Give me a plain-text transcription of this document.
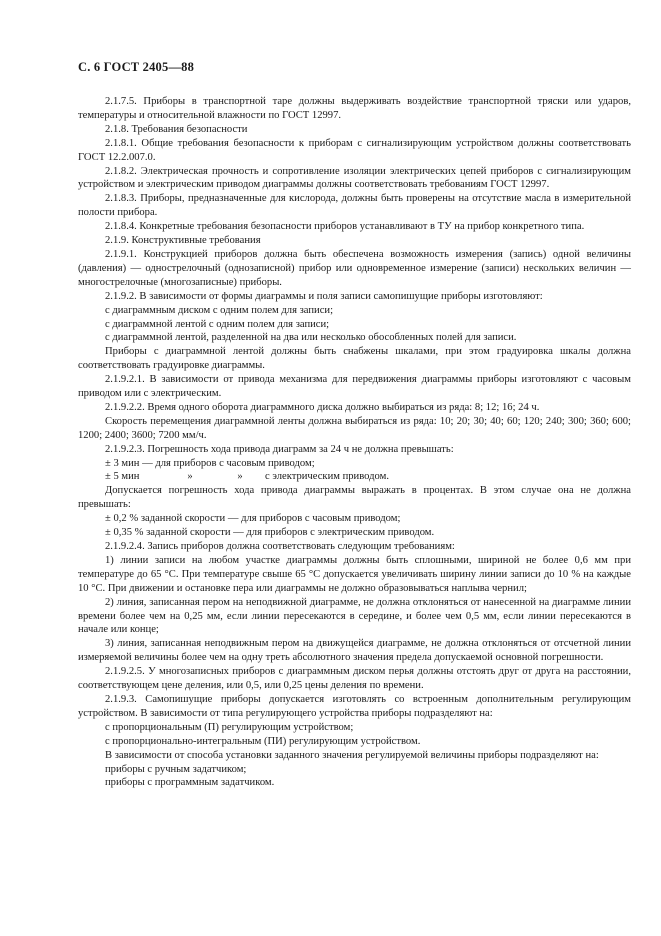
С. 6 ГОСТ 2405—88

2.1.7.5. Приборы в транспортной таре должны выдерживать воздействие транспортной тряски или ударов, температуры и относительной влажности по ГОСТ 12997.

2.1.8. Требования безопасности

2.1.8.1. Общие требования безопасности к приборам с сигнализирующим устройством должны соответствовать ГОСТ 12.2.007.0.

2.1.8.2. Электрическая прочность и сопротивление изоляции электрических цепей приборов с сигнализирующим устройством и электрическим приводом диаграммы должны соответствовать требованиям ГОСТ 12997.

2.1.8.3. Приборы, предназначенные для кислорода, должны быть проверены на отсутствие масла в измерительной полости прибора.

2.1.8.4. Конкретные требования безопасности приборов устанавливают в ТУ на прибор конкретного типа.

2.1.9. Конструктивные требования

2.1.9.1. Конструкцией приборов должна быть обеспечена возможность измерения (запись) одной величины (давления) — однострелочный (однозаписной) прибор или одновременное измерение (записи) нескольких величин — многострелочные (многозаписные) приборы.

2.1.9.2. В зависимости от формы диаграммы и поля записи самопишущие приборы изготовляют:

с диаграммным диском с одним полем для записи;

с диаграммной лентой с одним полем для записи;

с диаграммной лентой, разделенной на два или несколько обособленных полей для записи.

Приборы с диаграммной лентой должны быть снабжены шкалами, при этом градуировка шкалы должна соответствовать градуировке диаграммы.

2.1.9.2.1. В зависимости от привода механизма для передвижения диаграммы приборы изготовляют с часовым приводом или с электрическим.

2.1.9.2.2. Время одного оборота диаграммного диска должно выбираться из ряда: 8; 12; 16; 24 ч.

Скорость перемещения диаграммной ленты должна выбираться из ряда: 10; 20; 30; 40; 60; 120; 240; 300; 360; 600; 1200; 2400; 3600; 7200 мм/ч.

2.1.9.2.3. Погрешность хода привода диаграмм за 24 ч не должна превышать:

± 3 мин — для приборов с часовым приводом;

± 5 мин	»	»	с электрическим приводом.

Допускается погрешность хода привода диаграммы выражать в процентах. В этом случае она не должна превышать:

± 0,2 % заданной скорости — для приборов с часовым приводом;

± 0,35 % заданной скорости — для приборов с электрическим приводом.

2.1.9.2.4. Запись приборов должна соответствовать следующим требованиям:

1) линии записи на любом участке диаграммы должны быть сплошными, шириной не более 0,6 мм при температуре до 65 °С. При температуре свыше 65 °С допускается увеличивать ширину линии записи до 10 % на каждые 10 °С. При движении и остановке пера или диаграммы не должно образовываться наплыва чернил;

2) линия, записанная пером на неподвижной диаграмме, не должна отклоняться от нанесенной на диаграмме линии времени более чем на 0,25 мм, если линии пересекаются в середине, и более чем 0,5 мм, если линии пересекаются в начале или конце;

3) линия, записанная неподвижным пером на движущейся диаграмме, не должна отклоняться от отсчетной линии измеряемой величины более чем на одну треть абсолютного значения предела допускаемой основной погрешности.

2.1.9.2.5. У многозаписных приборов с диаграммным диском перья должны отстоять друг от друга на расстоянии, соответствующем цене деления, или 0,5, или 0,25 цены деления по времени.

2.1.9.3. Самопишущие приборы допускается изготовлять со встроенным дополнительным регулирующим устройством. В зависимости от типа регулирующего устройства приборы подразделяют на:

с пропорциональным (П) регулирующим устройством;

с пропорционально-интегральным (ПИ) регулирующим устройством.

В зависимости от способа установки заданного значения регулируемой величины приборы подразделяют на:

приборы с ручным задатчиком;

приборы с программным задатчиком.
